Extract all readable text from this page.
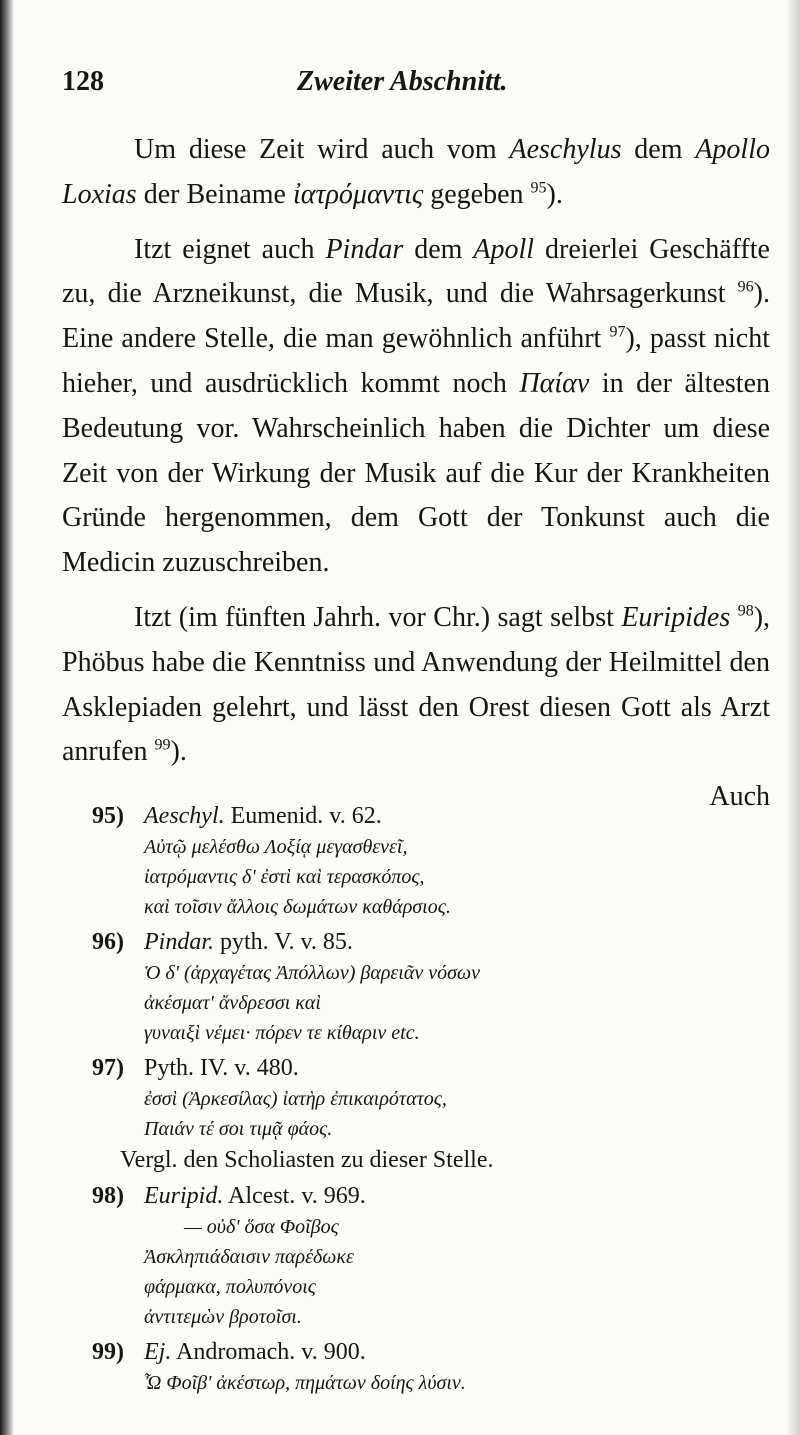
128	Zweiter Abschnitt.

Um diese Zeit wird auch vom Aeschylus dem Apollo Loxias der Beiname ἰατρόμαντις gegeben $^{95}$).

Itzt eignet auch Pindar dem Apoll dreierlei Geschäffte zu, die Arzneikunst, die Musik, und die Wahrsagerkunst $^{96}$). Eine andere Stelle, die man gewöhnlich anführt $^{97}$), passt nicht hieher, und ausdrücklich kommt noch Παίαν in der ältesten Bedeutung vor. Wahrscheinlich haben die Dichter um diese Zeit von der Wirkung der Musik auf die Kur der Krankheiten Gründe hergenommen, dem Gott der Tonkunst auch die Medicin zuzuschreiben.

Itzt (im fünften Jahrh. vor Chr.) sagt selbst Euripides $^{98}$), Phöbus habe die Kenntniss und Anwendung der Heilmittel den Asklepiaden gelehrt, und lässt den Orest diesen Gott als Arzt anrufen $^{99}$).

Auch

95) Aeschyl. Eumenid. v. 62.
Αὐτῷ μελέσθω Λοξίᾳ μεγασθενεῖ,
ἰατρόμαντις δ' ἐστὶ καὶ τερασκόπος,
καὶ τοῖσιν ἄλλοις δωμάτων καθάρσιος.
96) Pindar. pyth. V. v. 85.
Ὁ δ' (ἀρχαγέτας Ἀπόλλων) βαρειᾶν νόσων
ἀκέσματ' ἄνδρεσσι καὶ
γυναιξὶ νέμει· πόρεν τε κίθαριν etc.
97) Pyth. IV. v. 480.
ἐσσὶ (Ἀρκεσίλας) ἰατὴρ ἐπικαιρότατος,
Παιάν τέ σοι τιμᾷ φάος.
Vergl. den Scholiasten zu dieser Stelle.
98) Euripid. Alcest. v. 969.
— οὐδ' ὅσα Φοῖβος
Ἀσκληπιάδαισιν παρέδωκε
φάρμακα, πολυπόνοις
ἀντιτεμὼν βροτοῖσι.
99) Ej. Andromach. v. 900.
Ὦ Φοῖβ' ἀκέστωρ, πημάτων δοίης λύσιν.
